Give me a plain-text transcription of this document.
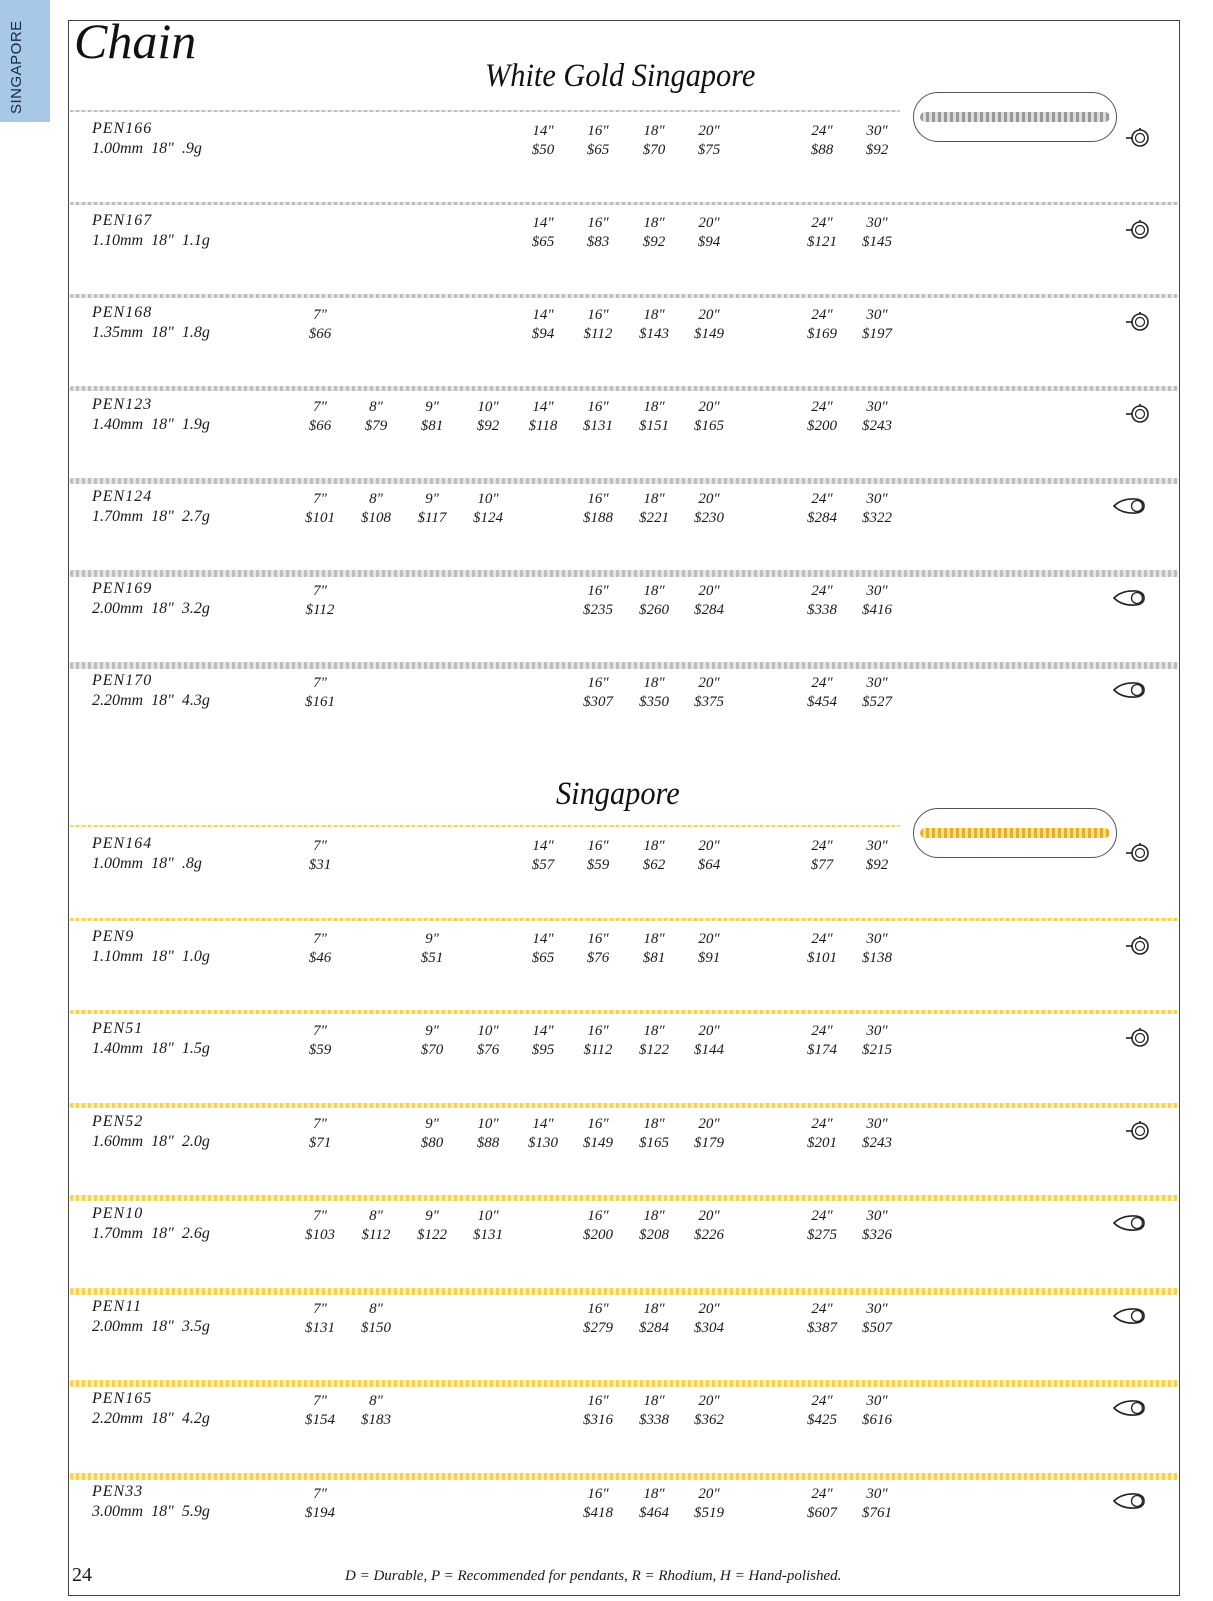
SINGAPORE Chain
White Gold Singapore
PEN166
1.00mm  18"  .9g
14"
$50
16"
$65
18"
$70
20"
$75
24"
$88
30"
$92
PEN167
1.10mm  18"  1.1g
14"
$65
16"
$83
18"
$92
20"
$94
24"
$121
30"
$145
PEN168
1.35mm  18"  1.8g
7"
$66
14"
$94
16"
$112
18"
$143
20"
$149
24"
$169
30"
$197
PEN123
1.40mm  18"  1.9g
7"
$66
8"
$79
9"
$81
10"
$92
14"
$118
16"
$131
18"
$151
20"
$165
24"
$200
30"
$243
PEN124
1.70mm  18"  2.7g
7"
$101
8"
$108
9"
$117
10"
$124
16"
$188
18"
$221
20"
$230
24"
$284
30"
$322
PEN169
2.00mm  18"  3.2g
7"
$112
16"
$235
18"
$260
20"
$284
24"
$338
30"
$416
PEN170
2.20mm  18"  4.3g
7"
$161
16"
$307
18"
$350
20"
$375
24"
$454
30"
$527
Singapore
PEN164
1.00mm  18"  .8g
7"
$31
14"
$57
16"
$59
18"
$62
20"
$64
24"
$77
30"
$92
PEN9
1.10mm  18"  1.0g
7"
$46
9"
$51
14"
$65
16"
$76
18"
$81
20"
$91
24"
$101
30"
$138
PEN51
1.40mm  18"  1.5g
7"
$59
9"
$70
10"
$76
14"
$95
16"
$112
18"
$122
20"
$144
24"
$174
30"
$215
PEN52
1.60mm  18"  2.0g
7"
$71
9"
$80
10"
$88
14"
$130
16"
$149
18"
$165
20"
$179
24"
$201
30"
$243
PEN10
1.70mm  18"  2.6g
7"
$103
8"
$112
9"
$122
10"
$131
16"
$200
18"
$208
20"
$226
24"
$275
30"
$326
PEN11
2.00mm  18"  3.5g
7"
$131
8"
$150
16"
$279
18"
$284
20"
$304
24"
$387
30"
$507
PEN165
2.20mm  18"  4.2g
7"
$154
8"
$183
16"
$316
18"
$338
20"
$362
24"
$425
30"
$616
PEN33
3.00mm  18"  5.9g
7"
$194
16"
$418
18"
$464
20"
$519
24"
$607
30"
$761
24	D = Durable, P = Recommended for pendants, R = Rhodium, H = Hand-polished.
